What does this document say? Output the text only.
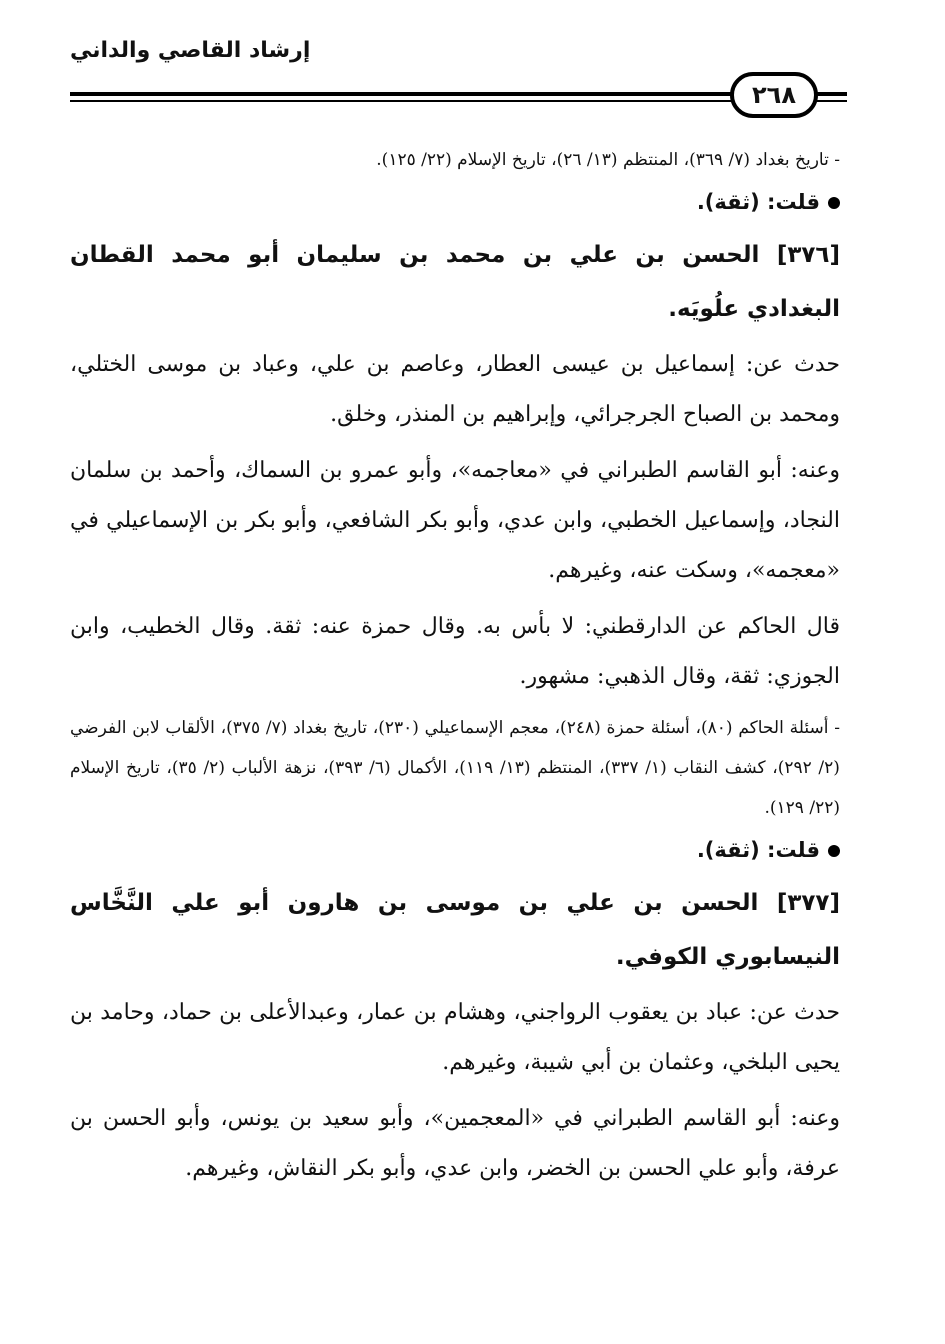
إرشاد القاصي والداني
٢٦٨

- تاريخ بغداد (٧/ ٣٦٩)، المنتظم (١٣/ ٢٦)، تاريخ الإسلام (٢٢/ ١٢٥).

قلت: (ثقة).
[٣٧٦] الحسن بن علي بن محمد بن سليمان أبو محمد القطان البغدادي علُويَه.

حدث عن: إسماعيل بن عيسى العطار، وعاصم بن علي، وعباد بن موسى الختلي، ومحمد بن الصباح الجرجرائي، وإبراهيم بن المنذر، وخلق.

وعنه: أبو القاسم الطبراني في «معاجمه»، وأبو عمرو بن السماك، وأحمد بن سلمان النجاد، وإسماعيل الخطبي، وابن عدي، وأبو بكر الشافعي، وأبو بكر بن الإسماعيلي في «معجمه»، وسكت عنه، وغيرهم.

قال الحاكم عن الدارقطني: لا بأس به. وقال حمزة عنه: ثقة. وقال الخطيب، وابن الجوزي: ثقة، وقال الذهبي: مشهور.

- أسئلة الحاكم (٨٠)، أسئلة حمزة (٢٤٨)، معجم الإسماعيلي (٢٣٠)، تاريخ بغداد (٧/ ٣٧٥)، الألقاب لابن الفرضي (٢/ ٢٩٢)، كشف النقاب (١/ ٣٣٧)، المنتظم (١٣/ ١١٩)، الأكمال (٦/ ٣٩٣)، نزهة الألباب (٢/ ٣٥)، تاريخ الإسلام (٢٢/ ١٢٩).

قلت: (ثقة).
[٣٧٧] الحسن بن علي بن موسى بن هارون أبو علي النَّخَّاس النيسابوري الكوفي.

حدث عن: عباد بن يعقوب الرواجني، وهشام بن عمار، وعبدالأعلى بن حماد، وحامد بن يحيى البلخي، وعثمان بن أبي شيبة، وغيرهم.

وعنه: أبو القاسم الطبراني في «المعجمين»، وأبو سعيد بن يونس، وأبو الحسن بن عرفة، وأبو علي الحسن بن الخضر، وابن عدي، وأبو بكر النقاش، وغيرهم.
